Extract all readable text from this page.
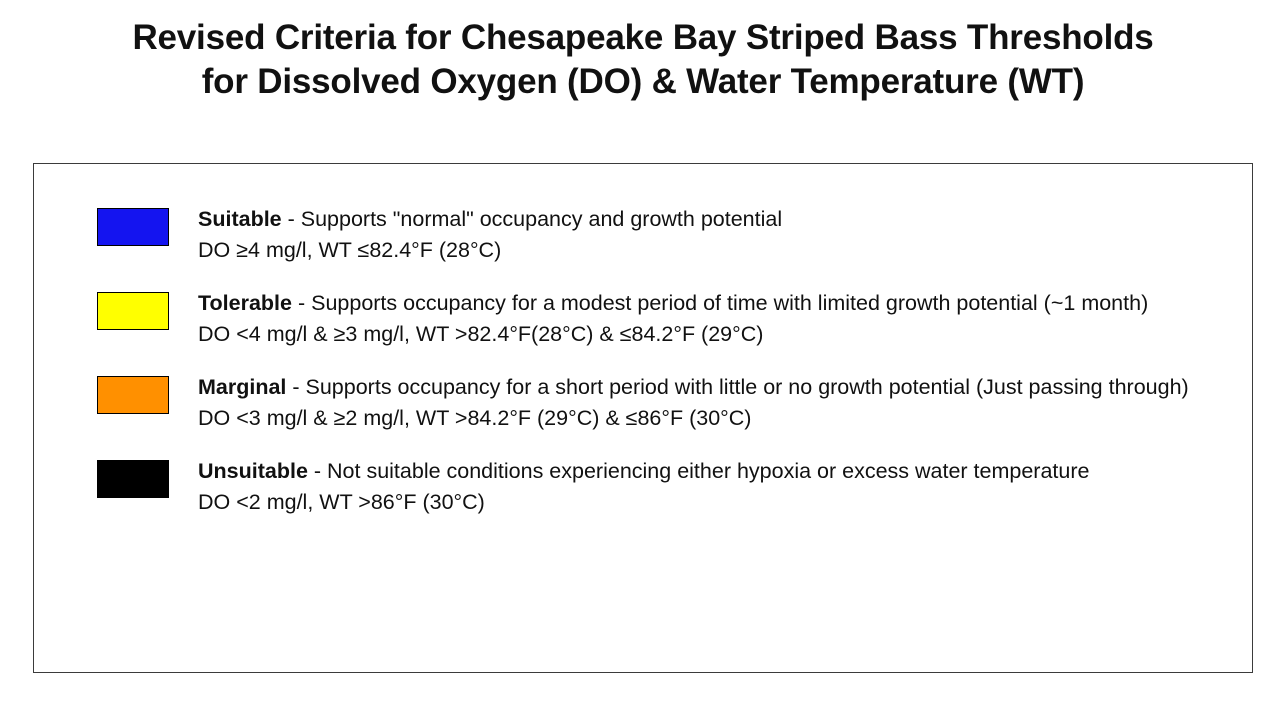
Revised Criteria for Chesapeake Bay Striped Bass Thresholds
for Dissolved Oxygen (DO) & Water Temperature (WT)
Suitable - Supports "normal" occupancy and growth potential
DO ≥4 mg/l, WT ≤82.4°F (28°C)
Tolerable - Supports occupancy for a modest period of time with limited growth potential (~1 month)
DO <4 mg/l & ≥3 mg/l, WT >82.4°F(28°C) & ≤84.2°F (29°C)
Marginal - Supports occupancy for a short period with little or no growth potential (Just passing through)
DO <3 mg/l & ≥2 mg/l, WT >84.2°F (29°C) & ≤86°F (30°C)
Unsuitable - Not suitable conditions experiencing either hypoxia or excess water temperature
DO <2 mg/l, WT >86°F (30°C)
